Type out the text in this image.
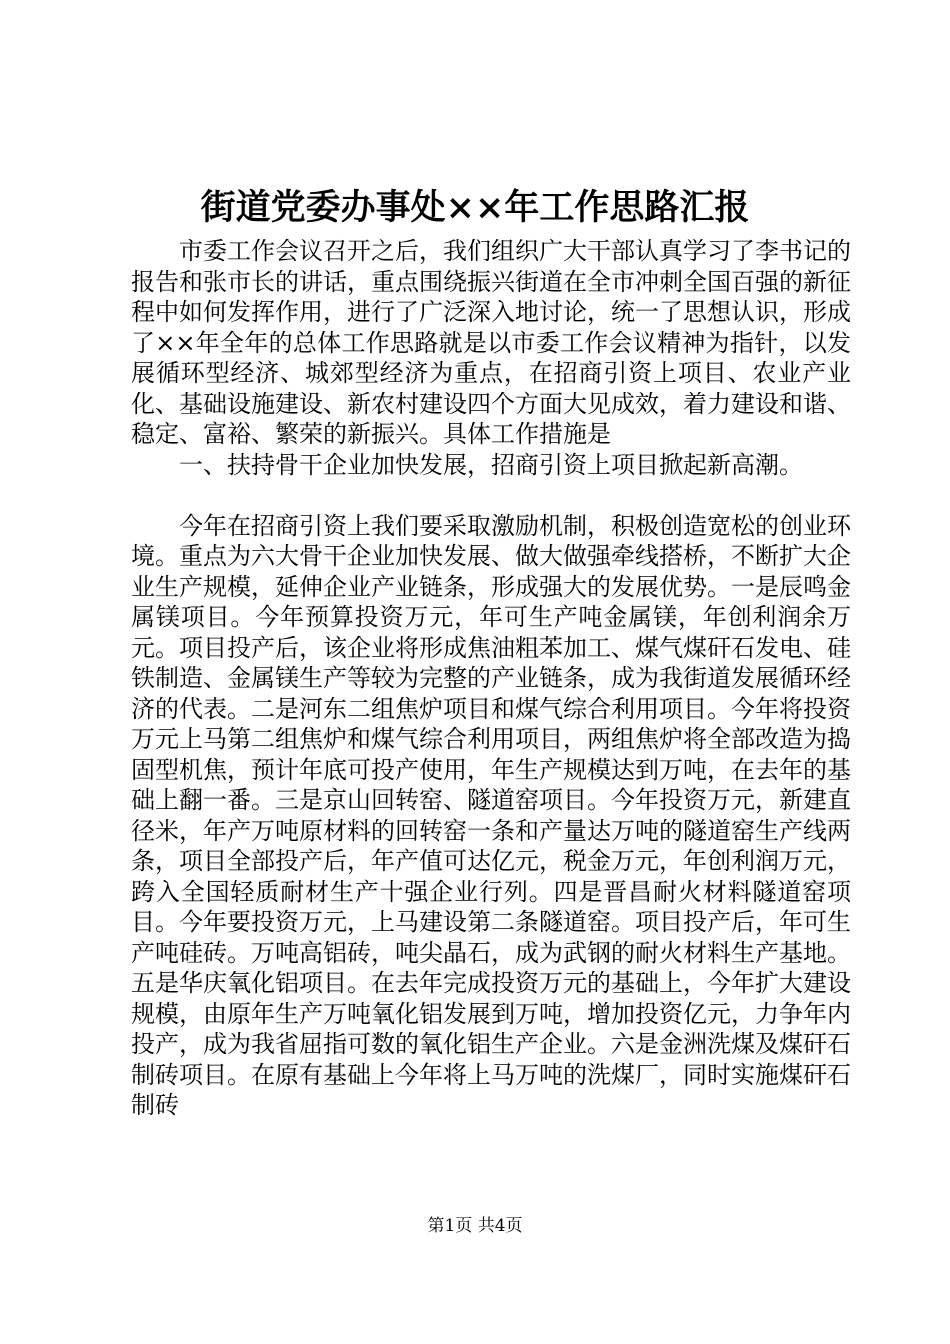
街道党委办事处××年工作思路汇报

市委工作会议召开之后，我们组织广大干部认真学习了李书记的报告和张市长的讲话，重点围绕振兴街道在全市冲刺全国百强的新征程中如何发挥作用，进行了广泛深入地讨论，统一了思想认识，形成了××年全年的总体工作思路就是以市委工作会议精神为指针，以发展循环型经济、城郊型经济为重点，在招商引资上项目、农业产业化、基础设施建设、新农村建设四个方面大见成效，着力建设和谐、稳定、富裕、繁荣的新振兴。具体工作措施是

一、扶持骨干企业加快发展，招商引资上项目掀起新高潮。

今年在招商引资上我们要采取激励机制，积极创造宽松的创业环境。重点为六大骨干企业加快发展、做大做强牵线搭桥，不断扩大企业生产规模，延伸企业产业链条，形成强大的发展优势。一是辰鸣金属镁项目。今年预算投资万元，年可生产吨金属镁，年创利润余万元。项目投产后，该企业将形成焦油粗苯加工、煤气煤矸石发电、硅铁制造、金属镁生产等较为完整的产业链条，成为我街道发展循环经济的代表。二是河东二组焦炉项目和煤气综合利用项目。今年将投资万元上马第二组焦炉和煤气综合利用项目，两组焦炉将全部改造为捣固型机焦，预计年底可投产使用，年生产规模达到万吨，在去年的基础上翻一番。三是京山回转窑、隧道窑项目。今年投资万元，新建直径米，年产万吨原材料的回转窑一条和产量达万吨的隧道窑生产线两条，项目全部投产后，年产值可达亿元，税金万元，年创利润万元，跨入全国轻质耐材生产十强企业行列。四是晋昌耐火材料隧道窑项目。今年要投资万元，上马建设第二条隧道窑。项目投产后，年可生产吨硅砖。万吨高铝砖，吨尖晶石，成为武钢的耐火材料生产基地。五是华庆氧化铝项目。在去年完成投资万元的基础上，今年扩大建设规模，由原年生产万吨氧化铝发展到万吨，增加投资亿元，力争年内投产，成为我省屈指可数的氧化铝生产企业。六是金洲洗煤及煤矸石制砖项目。在原有基础上今年将上马万吨的洗煤厂，同时实施煤矸石制砖

第1页 共4页
